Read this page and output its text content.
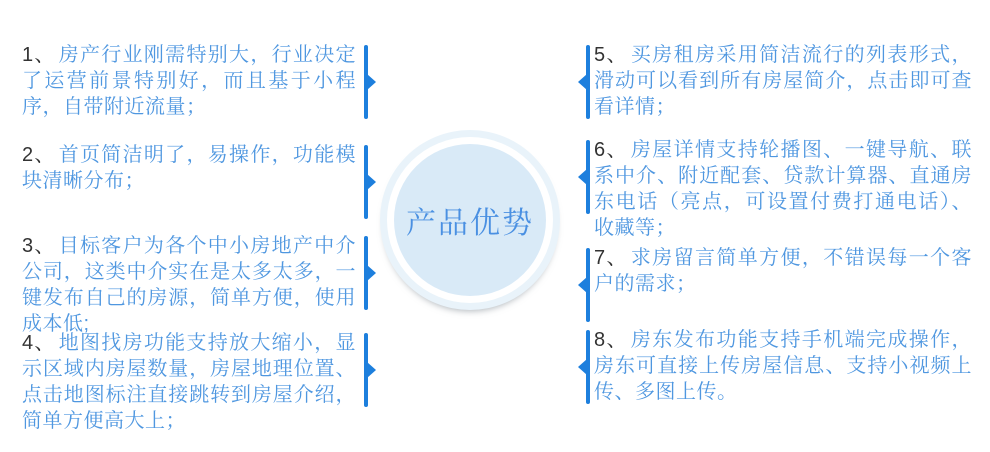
1、 房产行业刚需特别大，行业决定了运营前景特别好，而且基于小程序，自带附近流量；
2、 首页简洁明了，易操作，功能模块清晰分布；
3、 目标客户为各个中小房地产中介公司，这类中介实在是太多太多，一键发布自己的房源，简单方便，使用成本低;
4、 地图找房功能支持放大缩小，显示区域内房屋数量，房屋地理位置、点击地图标注直接跳转到房屋介绍，简单方便高大上；
5、 买房租房采用简洁流行的列表形式，滑动可以看到所有房屋简介，点击即可查看详情；
6、 房屋详情支持轮播图、一键导航、联系中介、附近配套、贷款计算器、直通房东电话（亮点，可设置付费打通电话）、收藏等；
7、 求房留言简单方便，不错误每一个客户的需求；
8、 房东发布功能支持手机端完成操作，房东可直接上传房屋信息、支持小视频上传、多图上传。
产品优势
